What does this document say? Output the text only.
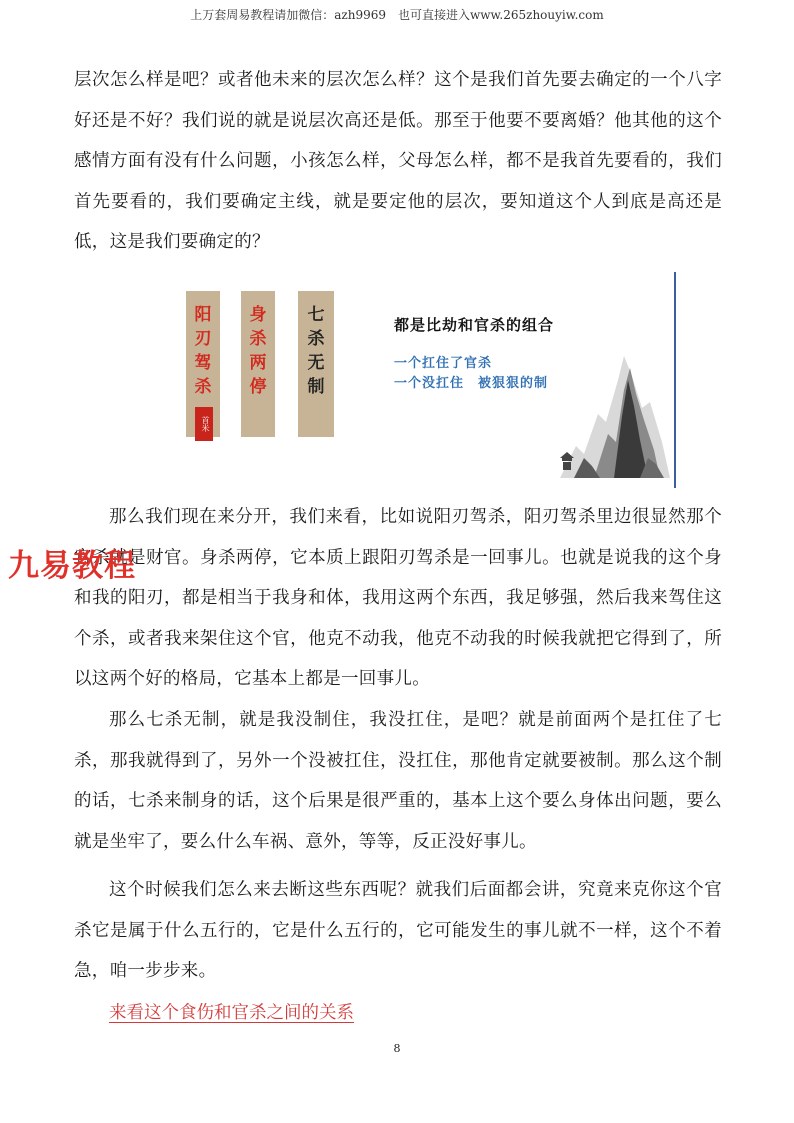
上万套周易教程请加微信：azh9969　也可直接进入www.265zhouyiw.com

层次怎么样是吧？或者他未来的层次怎么样？这个是我们首先要去确定的一个八字好还是不好？我们说的就是说层次高还是低。那至于他要不要离婚？他其他的这个感情方面有没有什么问题，小孩怎么样，父母怎么样，都不是我首先要看的，我们首先要看的，我们要确定主线，就是要定他的层次，要知道这个人到底是高还是低，这是我们要确定的？

阳
刃
驾
杀
首米
身
杀
两
停
七
杀
无
制
都是比劫和官杀的组合
一个扛住了官杀
一个没扛住　被狠狠的制

那么我们现在来分开，我们来看，比如说阳刃驾杀，阳刃驾杀里边很显然那个官杀就是财官。身杀两停，它本质上跟阳刃驾杀是一回事儿。也就是说我的这个身和我的阳刃，都是相当于我身和体，我用这两个东西，我足够强，然后我来驾住这个杀，或者我来架住这个官，他克不动我，他克不动我的时候我就把它得到了，所以这两个好的格局，它基本上都是一回事儿。

那么七杀无制，就是我没制住，我没扛住，是吧？就是前面两个是扛住了七杀，那我就得到了，另外一个没被扛住，没扛住，那他肯定就要被制。那么这个制的话，七杀来制身的话，这个后果是很严重的，基本上这个要么身体出问题，要么就是坐牢了，要么什么车祸、意外，等等，反正没好事儿。

这个时候我们怎么来去断这些东西呢？就我们后面都会讲，究竟来克你这个官杀它是属于什么五行的，它是什么五行的，它可能发生的事儿就不一样，这个不着急，咱一步步来。

九易教程
来看这个食伤和官杀之间的关系
8
